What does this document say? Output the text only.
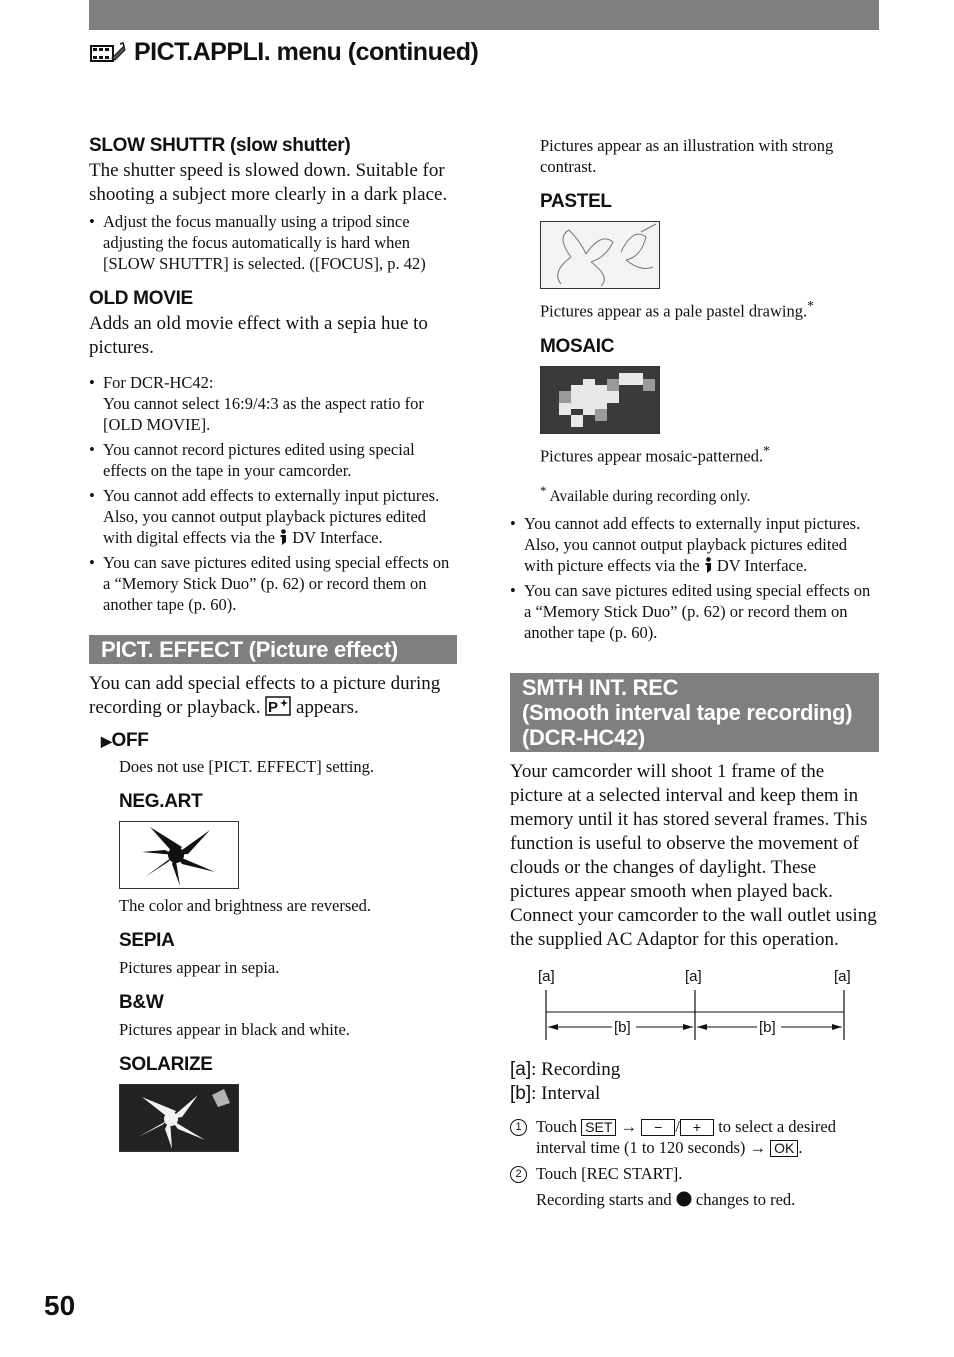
PICT.APPLI. menu (continued)
SLOW SHUTTR (slow shutter)
The shutter speed is slowed down. Suitable for shooting a subject more clearly in a dark place.
• Adjust the focus manually using a tripod since adjusting the focus automatically is hard when [SLOW SHUTTR] is selected. ([FOCUS], p. 42)
OLD MOVIE
Adds an old movie effect with a sepia hue to pictures.
• For DCR-HC42:
You cannot select 16:9/4:3 as the aspect ratio for [OLD MOVIE].
• You cannot record pictures edited using special effects on the tape in your camcorder.
• You cannot add effects to externally input pictures. Also, you cannot output playback pictures edited with digital effects via the DV Interface.
• You can save pictures edited using special effects on a “Memory Stick Duo” (p. 62) or record them on another tape (p. 60).
PICT. EFFECT (Picture effect)
You can add special effects to a picture during recording or playback. P appears.
▶OFF
Does not use [PICT. EFFECT] setting.
NEG.ART
The color and brightness are reversed.
SEPIA
Pictures appear in sepia.
B&W
Pictures appear in black and white.
SOLARIZE
Pictures appear as an illustration with strong contrast.
PASTEL
Pictures appear as a pale pastel drawing.*
MOSAIC
Pictures appear mosaic-patterned.*
* Available during recording only.
• You cannot add effects to externally input pictures. Also, you cannot output playback pictures edited with picture effects via the DV Interface.
• You can save pictures edited using special effects on a “Memory Stick Duo” (p. 62) or record them on another tape (p. 60).
SMTH INT. REC
(Smooth interval tape recording)
(DCR-HC42)
Your camcorder will shoot 1 frame of the picture at a selected interval and keep them in memory until it has stored several frames. This function is useful to observe the movement of clouds or the changes of daylight. These pictures appear smooth when played back. Connect your camcorder to the wall outlet using the supplied AC Adaptor for this operation.
[a]	[a]	[a]
[b]	[b]
[a]: Recording
[b]: Interval
1 Touch SET → − / + to select a desired interval time (1 to 120 seconds) → OK .
2 Touch [REC START].
Recording starts and changes to red.
50
